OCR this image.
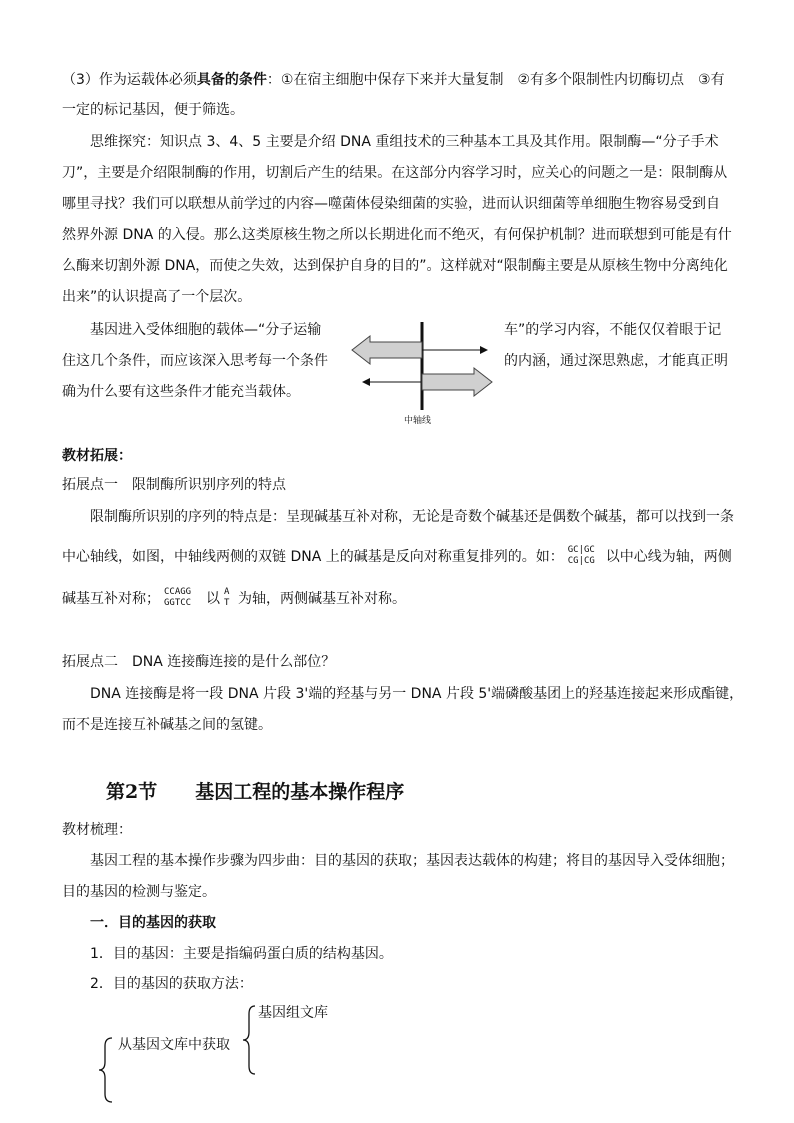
（3）作为运载体必须具备的条件：①在宿主细胞中保存下来并大量复制　②有多个限制性内切酶切点　③有
一定的标记基因，便于筛选。
思维探究：知识点 3、4、5 主要是介绍 DNA 重组技术的三种基本工具及其作用。限制酶—“分子手术
刀”，主要是介绍限制酶的作用，切割后产生的结果。在这部分内容学习时，应关心的问题之一是：限制酶从
哪里寻找？我们可以联想从前学过的内容—噬菌体侵染细菌的实验，进而认识细菌等单细胞生物容易受到自
然界外源 DNA 的入侵。那么这类原核生物之所以长期进化而不绝灭，有何保护机制？进而联想到可能是有什
么酶来切割外源 DNA，而使之失效，达到保护自身的目的”。这样就对“限制酶主要是从原核生物中分离纯化
出来”的认识提高了一个层次。
基因进入受体细胞的载体—“分子运输	车”的学习内容，不能仅仅着眼于记
住这几个条件，而应该深入思考每一个条件	的内涵，通过深思熟虑，才能真正明
确为什么要有这些条件才能充当载体。
中轴线
教材拓展：
拓展点一　限制酶所识别序列的特点
限制酶所识别的序列的特点是：呈现碱基互补对称，无论是奇数个碱基还是偶数个碱基，都可以找到一条
中心轴线，如图，中轴线两侧的双链 DNA 上的碱基是反向对称重复排列的。如： GC|GC
CG|CG 以中心线为轴，两侧
碱基互补对称； CCAGG
GGTCC 以 A
T 为轴，两侧碱基互补对称。
拓展点二　DNA 连接酶连接的是什么部位？
DNA 连接酶是将一段 DNA 片段 3'端的羟基与另一 DNA 片段 5'端磷酸基团上的羟基连接起来形成酯键，
而不是连接互补碱基之间的氢键。
第2节　　基因工程的基本操作程序
教材梳理：
基因工程的基本操作步骤为四步曲：目的基因的获取；基因表达载体的构建；将目的基因导入受体细胞；
目的基因的检测与鉴定。
一．目的基因的获取
1．目的基因：主要是指编码蛋白质的结构基因。
2．目的基因的获取方法：
从基因文库中获取
基因组文库
